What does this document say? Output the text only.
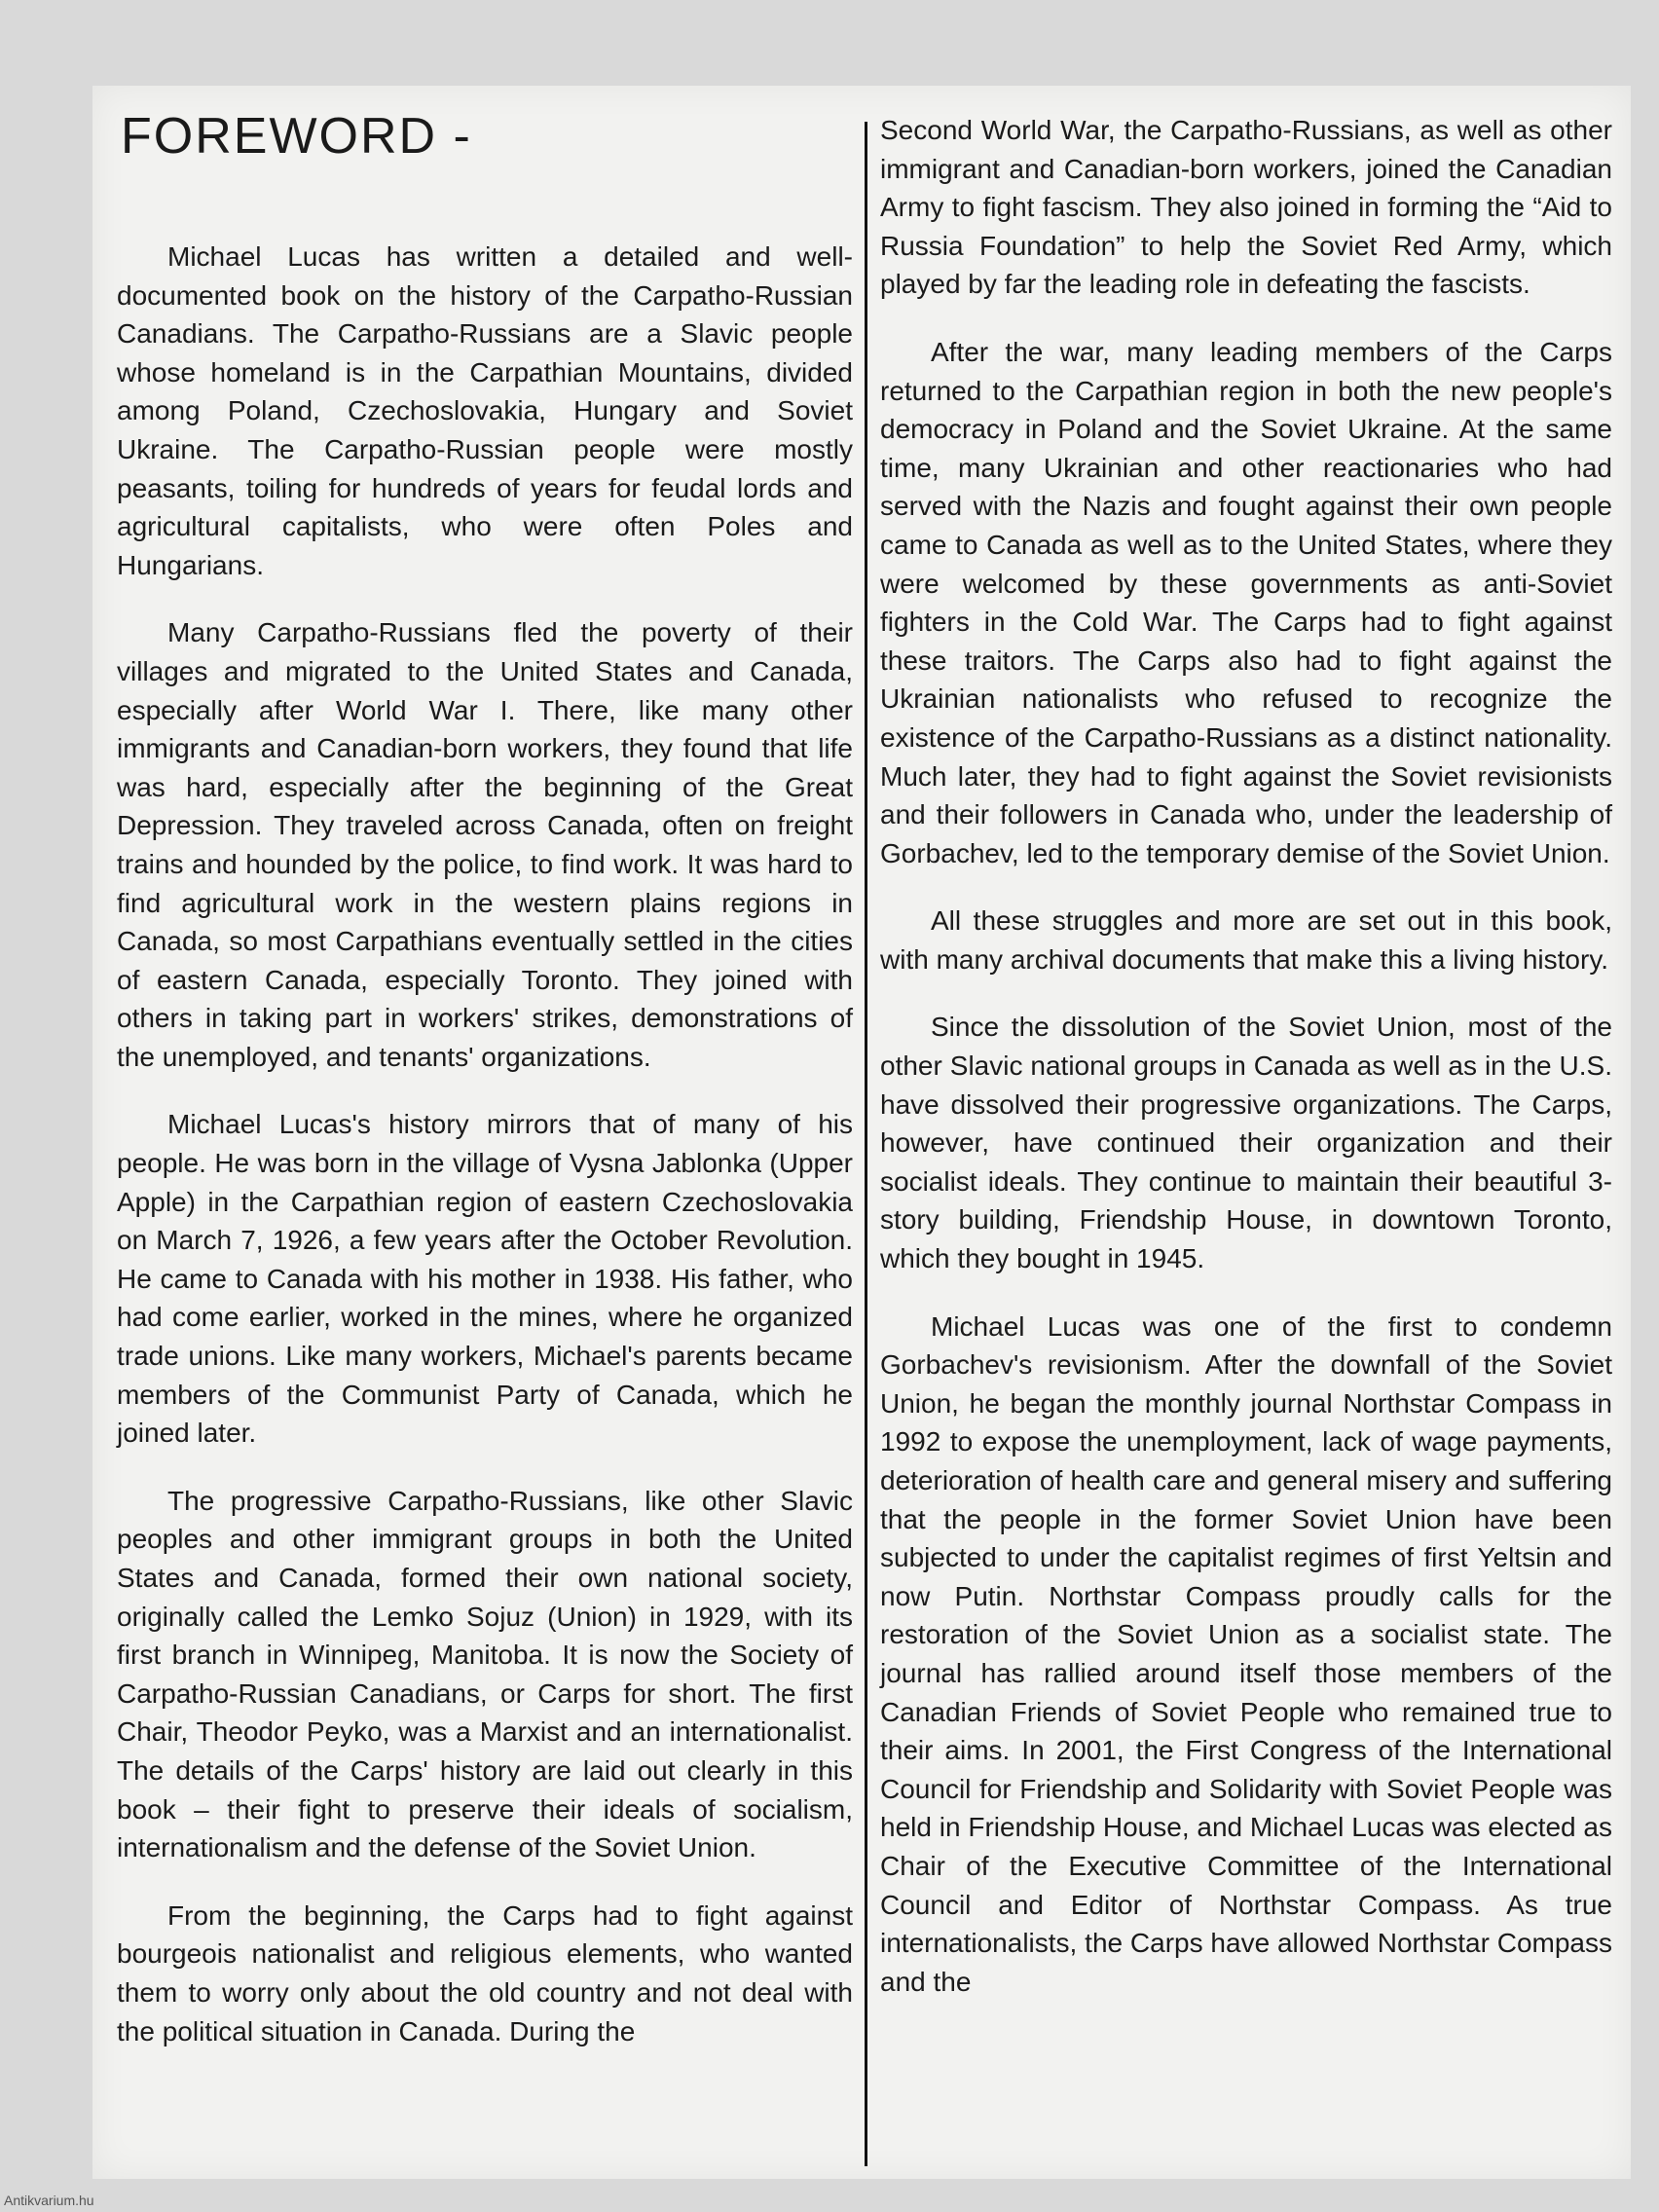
FOREWORD -

Michael Lucas has written a detailed and well-documented book on the history of the Carpatho-Russian Canadians. The Carpatho-Russians are a Slavic people whose homeland is in the Carpathian Mountains, divided among Poland, Czechoslovakia, Hungary and Soviet Ukraine. The Carpatho-Russian people were mostly peasants, toiling for hundreds of years for feudal lords and agricultural capitalists, who were often Poles and Hungarians.

Many Carpatho-Russians fled the poverty of their villages and migrated to the United States and Canada, especially after World War I. There, like many other immigrants and Canadian-born workers, they found that life was hard, especially after the beginning of the Great Depression. They traveled across Canada, often on freight trains and hounded by the police, to find work. It was hard to find agricultural work in the western plains regions in Canada, so most Carpathians eventually settled in the cities of eastern Canada, especially Toronto. They joined with others in taking part in workers' strikes, demonstrations of the unemployed, and tenants' organizations.

Michael Lucas's history mirrors that of many of his people. He was born in the village of Vysna Jablonka (Upper Apple) in the Carpathian region of eastern Czechoslovakia on March 7, 1926, a few years after the October Revolution. He came to Canada with his mother in 1938. His father, who had come earlier, worked in the mines, where he organized trade unions. Like many workers, Michael's parents became members of the Communist Party of Canada, which he joined later.

The progressive Carpatho-Russians, like other Slavic peoples and other immigrant groups in both the United States and Canada, formed their own national society, originally called the Lemko Sojuz (Union) in 1929, with its first branch in Winnipeg, Manitoba. It is now the Society of Carpatho-Russian Canadians, or Carps for short. The first Chair, Theodor Peyko, was a Marxist and an internationalist. The details of the Carps' history are laid out clearly in this book – their fight to preserve their ideals of socialism, internationalism and the defense of the Soviet Union.

From the beginning, the Carps had to fight against bourgeois nationalist and religious elements, who wanted them to worry only about the old country and not deal with the political situation in Canada. During the

Second World War, the Carpatho-Russians, as well as other immigrant and Canadian-born workers, joined the Canadian Army to fight fascism. They also joined in forming the “Aid to Russia Foundation” to help the Soviet Red Army, which played by far the leading role in defeating the fascists.

After the war, many leading members of the Carps returned to the Carpathian region in both the new people's democracy in Poland and the Soviet Ukraine. At the same time, many Ukrainian and other reactionaries who had served with the Nazis and fought against their own people came to Canada as well as to the United States, where they were welcomed by these governments as anti-Soviet fighters in the Cold War. The Carps had to fight against these traitors. The Carps also had to fight against the Ukrainian nationalists who refused to recognize the existence of the Carpatho-Russians as a distinct nationality. Much later, they had to fight against the Soviet revisionists and their followers in Canada who, under the leadership of Gorbachev, led to the temporary demise of the Soviet Union.

All these struggles and more are set out in this book, with many archival documents that make this a living history.

Since the dissolution of the Soviet Union, most of the other Slavic national groups in Canada as well as in the U.S. have dissolved their progressive organizations. The Carps, however, have continued their organization and their socialist ideals. They continue to maintain their beautiful 3-story building, Friendship House, in downtown Toronto, which they bought in 1945.

Michael Lucas was one of the first to condemn Gorbachev's revisionism. After the downfall of the Soviet Union, he began the monthly journal Northstar Compass in 1992 to expose the unemployment, lack of wage payments, deterioration of health care and general misery and suffering that the people in the former Soviet Union have been subjected to under the capitalist regimes of first Yeltsin and now Putin. Northstar Compass proudly calls for the restoration of the Soviet Union as a socialist state. The journal has rallied around itself those members of the Canadian Friends of Soviet People who remained true to their aims. In 2001, the First Congress of the International Council for Friendship and Solidarity with Soviet People was held in Friendship House, and Michael Lucas was elected as Chair of the Executive Committee of the International Council and Editor of Northstar Compass. As true internationalists, the Carps have allowed Northstar Compass and the

Antikvarium.hu
